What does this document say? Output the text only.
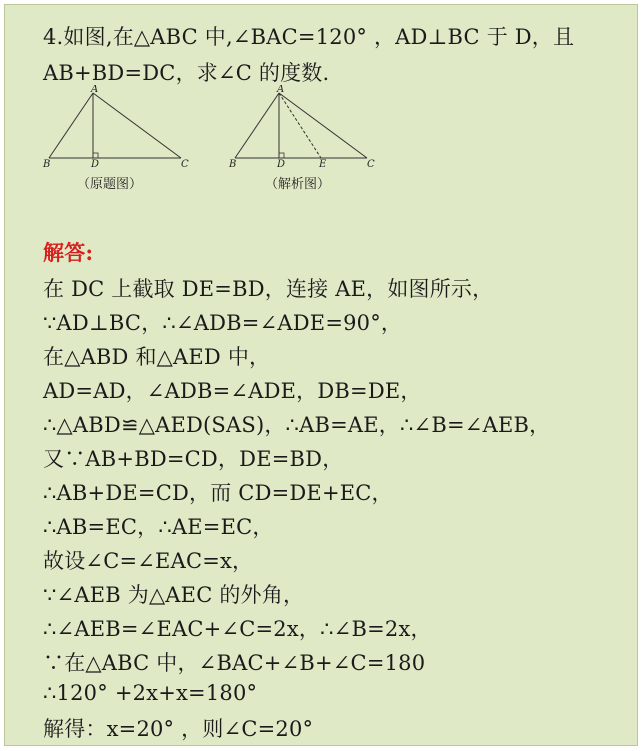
4.如图,在△ABC 中,∠BAC=120° ，AD⊥BC 于 D，且
AB+BD=DC，求∠C 的度数.
A
B	D	C
（原题图）
A
B	D	E	C
（解析图）
解答:
在 DC 上截取 DE=BD，连接 AE，如图所示，
∵AD⊥BC，∴∠ADB=∠ADE=90°，
在△ABD 和△AED 中，
AD=AD，∠ADB=∠ADE，DB=DE，
∴△ABD≌△AED(SAS)，∴AB=AE，∴∠B=∠AEB，
又∵AB+BD=CD，DE=BD，
∴AB+DE=CD，而 CD=DE+EC，
∴AB=EC，∴AE=EC，
故设∠C=∠EAC=x，
∵∠AEB 为△AEC 的外角，
∴∠AEB=∠EAC+∠C=2x，∴∠B=2x，
∵在△ABC 中，∠BAC+∠B+∠C=180
∴120° +2x+x=180°
解得：x=20° ，则∠C=20°
